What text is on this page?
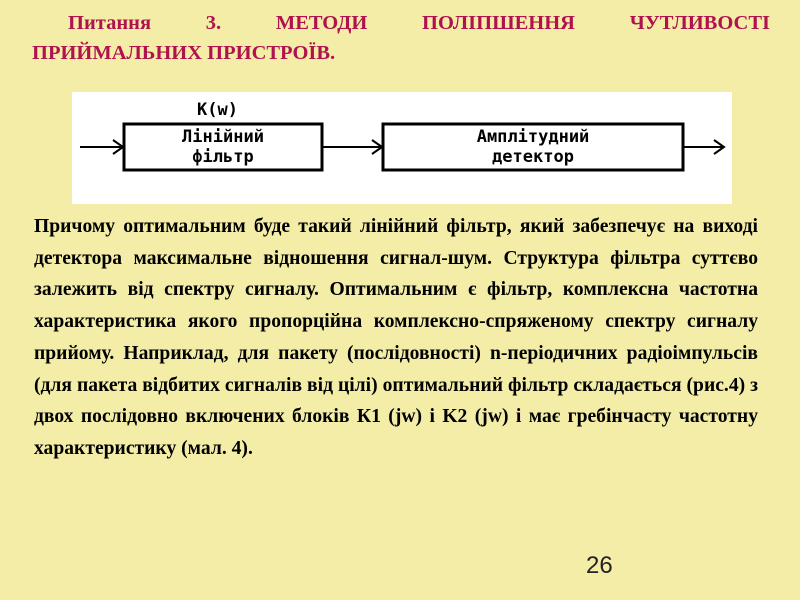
Питання 3. МЕТОДИ ПОЛІПШЕННЯ ЧУТЛИВОСТІ
ПРИЙМАЛЬНИХ ПРИСТРОЇВ.
K(w)
Лінійний
фільтр
Амплітудний
детектор

Причому оптимальним буде такий лінійний фільтр, який забезпечує на виході детектора максимальне відношення сигнал-шум. Структура фільтра суттєво залежить від спектру сигналу. Оптимальним є фільтр, комплексна частотна характеристика якого пропорційна комплексно-спряженому спектру сигналу прийому. Наприклад, для пакету (послідовності) n-періодичних радіоімпульсів (для пакета відбитих сигналів від цілі) оптимальний фільтр складається (рис.4) з двох послідовно включених блоків К1 (jw) і K2 (jw) і має гребінчасту частотну характеристику (мал. 4).

26
